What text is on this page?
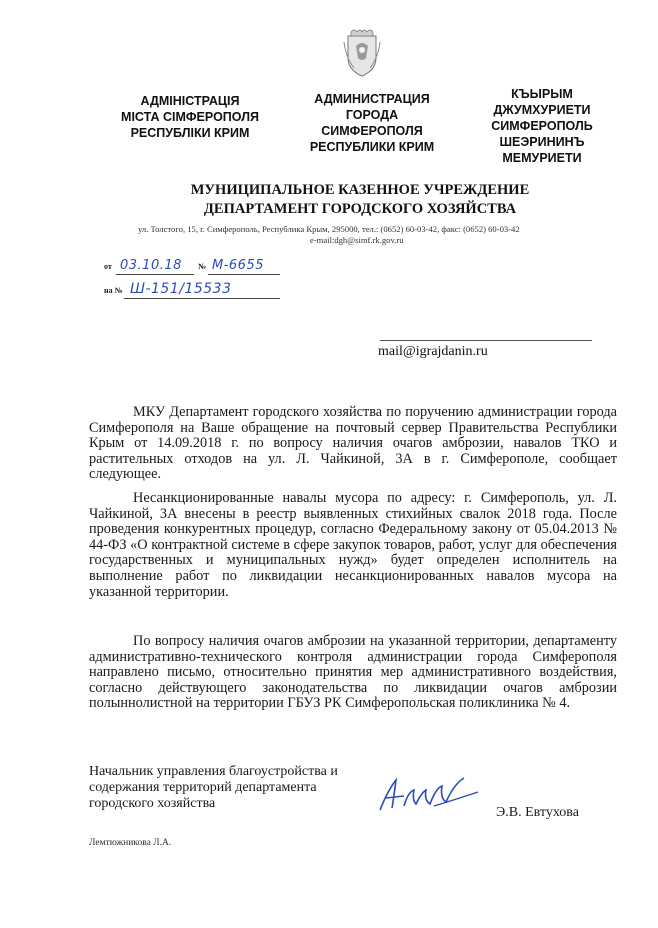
АДМІНІСТРАЦІЯ
МІСТА СІМФЕРОПОЛЯ
РЕСПУБЛІКИ КРИМ
АДМИНИСТРАЦИЯ
ГОРОДА
СИМФЕРОПОЛЯ
РЕСПУБЛИКИ КРИМ
КЪЫРЫМ
ДЖУМХУРИЕТИ
СИМФЕРОПОЛЬ
ШЕЭРИНИНЪ
МЕМУРИЕТИ
МУНИЦИПАЛЬНОЕ КАЗЕННОЕ УЧРЕЖДЕНИЕ
ДЕПАРТАМЕНТ ГОРОДСКОГО ХОЗЯЙСТВА
ул. Толстого, 15, г. Симферополь, Республика Крым, 295000, тел.: (0652) 60-03-42, факс: (0652) 60-03-42
e-mail:dgh@simf.rk.gov.ru
от 03.10.18 № М-6655
на № Ш-151/15533
mail@igrajdanin.ru

МКУ Департамент городского хозяйства по поручению администрации города Симферополя на Ваше обращение на почтовый сервер Правительства Республики Крым от 14.09.2018 г. по вопросу наличия очагов амброзии, навалов ТКО и растительных отходов на ул. Л. Чайкиной, 3А в г. Симферополе, сообщает следующее.

Несанкционированные навалы мусора по адресу: г. Симферополь, ул. Л. Чайкиной, 3А внесены в реестр выявленных стихийных свалок 2018 года. После проведения конкурентных процедур, согласно Федеральному закону от 05.04.2013 № 44-ФЗ «О контрактной системе в сфере закупок товаров, работ, услуг для обеспечения государственных и муниципальных нужд» будет определен исполнитель на выполнение работ по ликвидации несанкционированных навалов мусора на указанной территории.

По вопросу наличия очагов амброзии на указанной территории, департаменту административно-технического контроля администрации города Симферополя направлено письмо, относительно принятия мер административного воздействия, согласно действующего законодательства по ликвидации очагов амброзии полыннолистной на территории ГБУЗ РК Симферопольская поликлиника № 4.

Начальник управления благоустройства и
содержания территорий департамента
городского хозяйства
Э.В. Евтухова
Лемтюжникова Л.А.
